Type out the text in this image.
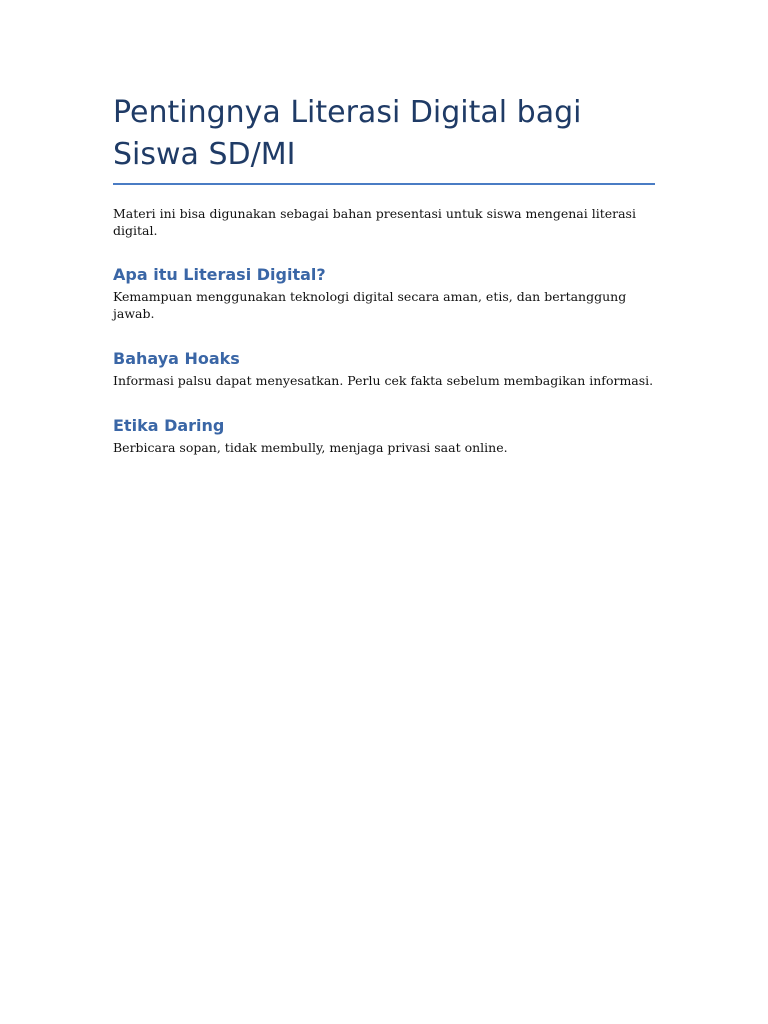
Pentingnya Literasi Digital bagi Siswa SD/MI

Materi ini bisa digunakan sebagai bahan presentasi untuk siswa mengenai literasi digital.

Apa itu Literasi Digital?

Kemampuan menggunakan teknologi digital secara aman, etis, dan bertanggung jawab.

Bahaya Hoaks

Informasi palsu dapat menyesatkan. Perlu cek fakta sebelum membagikan informasi.

Etika Daring

Berbicara sopan, tidak membully, menjaga privasi saat online.
